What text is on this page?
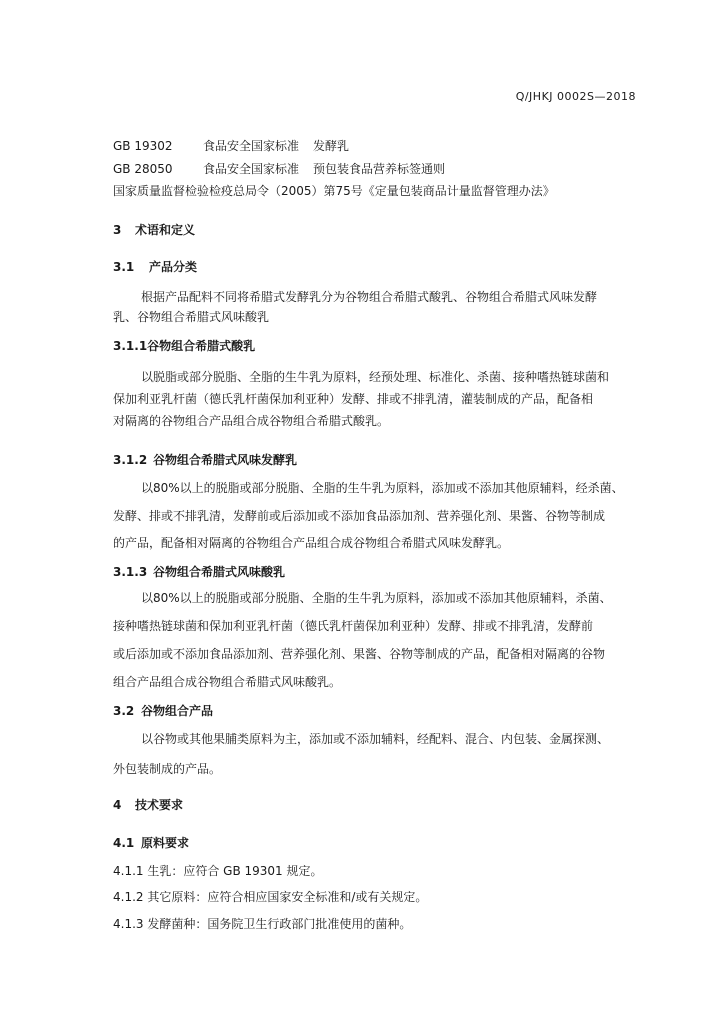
Q/JHKJ 0002S—2018
GB 19302	食品安全国家标准 发酵乳
GB 28050	食品安全国家标准 预包装食品营养标签通则
国家质量监督检验检疫总局令（2005）第75号《定量包装商品计量监督管理办法》
3 术语和定义
3.1 产品分类
根据产品配料不同将希腊式发酵乳分为谷物组合希腊式酸乳、谷物组合希腊式风味发酵
乳、谷物组合希腊式风味酸乳
3.1.1谷物组合希腊式酸乳
以脱脂或部分脱脂、全脂的生牛乳为原料，经预处理、标准化、杀菌、接种嗜热链球菌和
保加利亚乳杆菌（德氏乳杆菌保加利亚种）发酵、排或不排乳清，灌装制成的产品，配备相
对隔离的谷物组合产品组合成谷物组合希腊式酸乳。
3.1.2 谷物组合希腊式风味发酵乳
以80%以上的脱脂或部分脱脂、全脂的生牛乳为原料，添加或不添加其他原辅料，经杀菌、
发酵、排或不排乳清，发酵前或后添加或不添加食品添加剂、营养强化剂、果酱、谷物等制成
的产品，配备相对隔离的谷物组合产品组合成谷物组合希腊式风味发酵乳。
3.1.3 谷物组合希腊式风味酸乳
以80%以上的脱脂或部分脱脂、全脂的生牛乳为原料，添加或不添加其他原辅料，杀菌、
接种嗜热链球菌和保加利亚乳杆菌（德氏乳杆菌保加利亚种）发酵、排或不排乳清，发酵前
或后添加或不添加食品添加剂、营养强化剂、果酱、谷物等制成的产品，配备相对隔离的谷物
组合产品组合成谷物组合希腊式风味酸乳。
3.2 谷物组合产品
以谷物或其他果脯类原料为主，添加或不添加辅料，经配料、混合、内包装、金属探测、
外包装制成的产品。
4 技术要求
4.1 原料要求
4.1.1 生乳：应符合 GB 19301 规定。
4.1.2 其它原料：应符合相应国家安全标准和/或有关规定。
4.1.3 发酵菌种：国务院卫生行政部门批准使用的菌种。
